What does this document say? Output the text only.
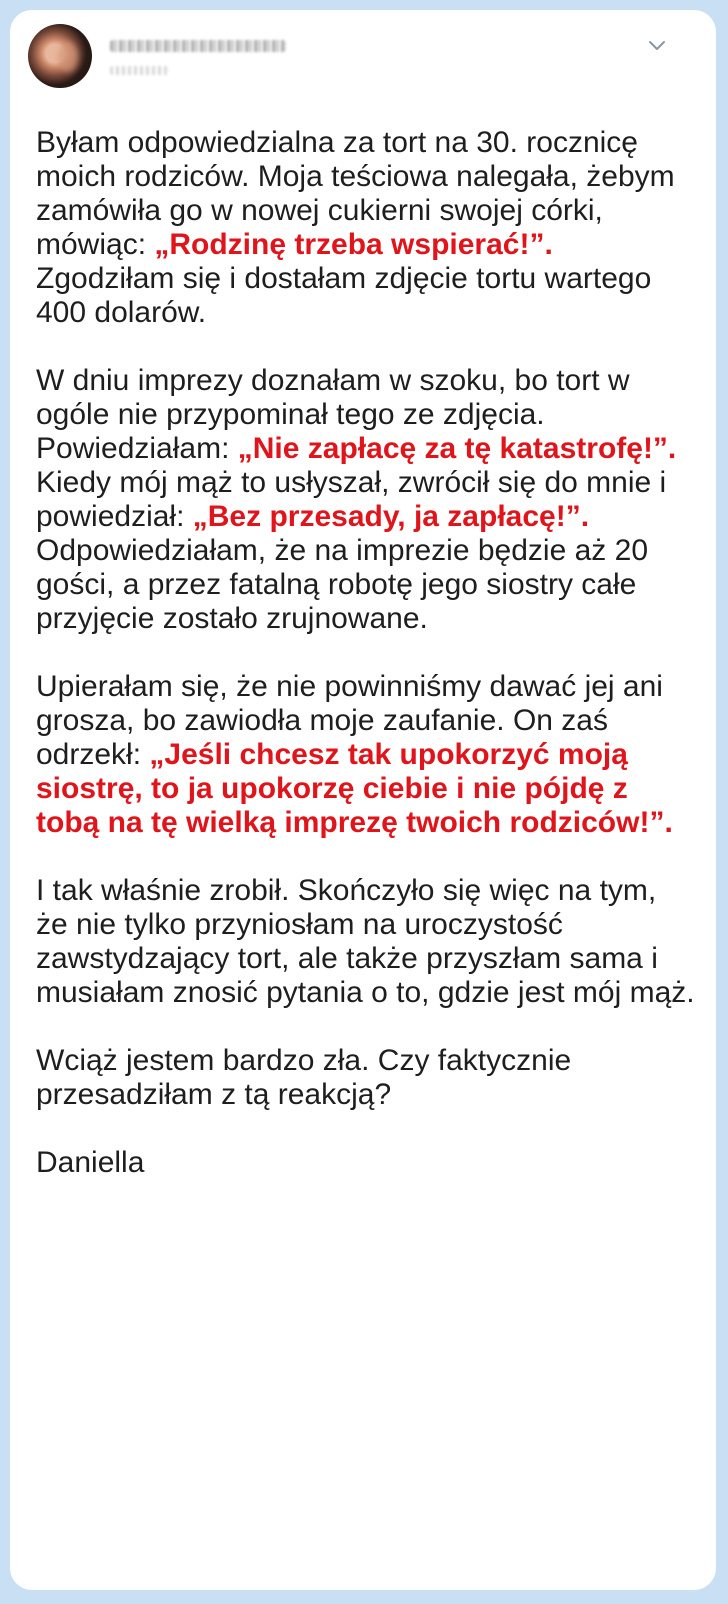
Byłam odpowiedzialna za tort na 30. rocznicę moich rodziców. Moja teściowa nalegała, żebym zamówiła go w nowej cukierni swojej córki, mówiąc: „Rodzinę trzeba wspierać!”. Zgodziłam się i dostałam zdjęcie tortu wartego 400 dolarów.

W dniu imprezy doznałam w szoku, bo tort w ogóle nie przypominał tego ze zdjęcia. Powiedziałam: „Nie zapłacę za tę katastrofę!”. Kiedy mój mąż to usłyszał, zwrócił się do mnie i powiedział: „Bez przesady, ja zapłacę!”. Odpowiedziałam, że na imprezie będzie aż 20 gości, a przez fatalną robotę jego siostry całe przyjęcie zostało zrujnowane.

Upierałam się, że nie powinniśmy dawać jej ani grosza, bo zawiodła moje zaufanie. On zaś odrzekł: „Jeśli chcesz tak upokorzyć moją siostrę, to ja upokorzę ciebie i nie pójdę z tobą na tę wielką imprezę twoich rodziców!”.

I tak właśnie zrobił. Skończyło się więc na tym, że nie tylko przyniosłam na uroczystość zawstydzający tort, ale także przyszłam sama i musiałam znosić pytania o to, gdzie jest mój mąż.

Wciąż jestem bardzo zła. Czy faktycznie przesadziłam z tą reakcją?

Daniella
